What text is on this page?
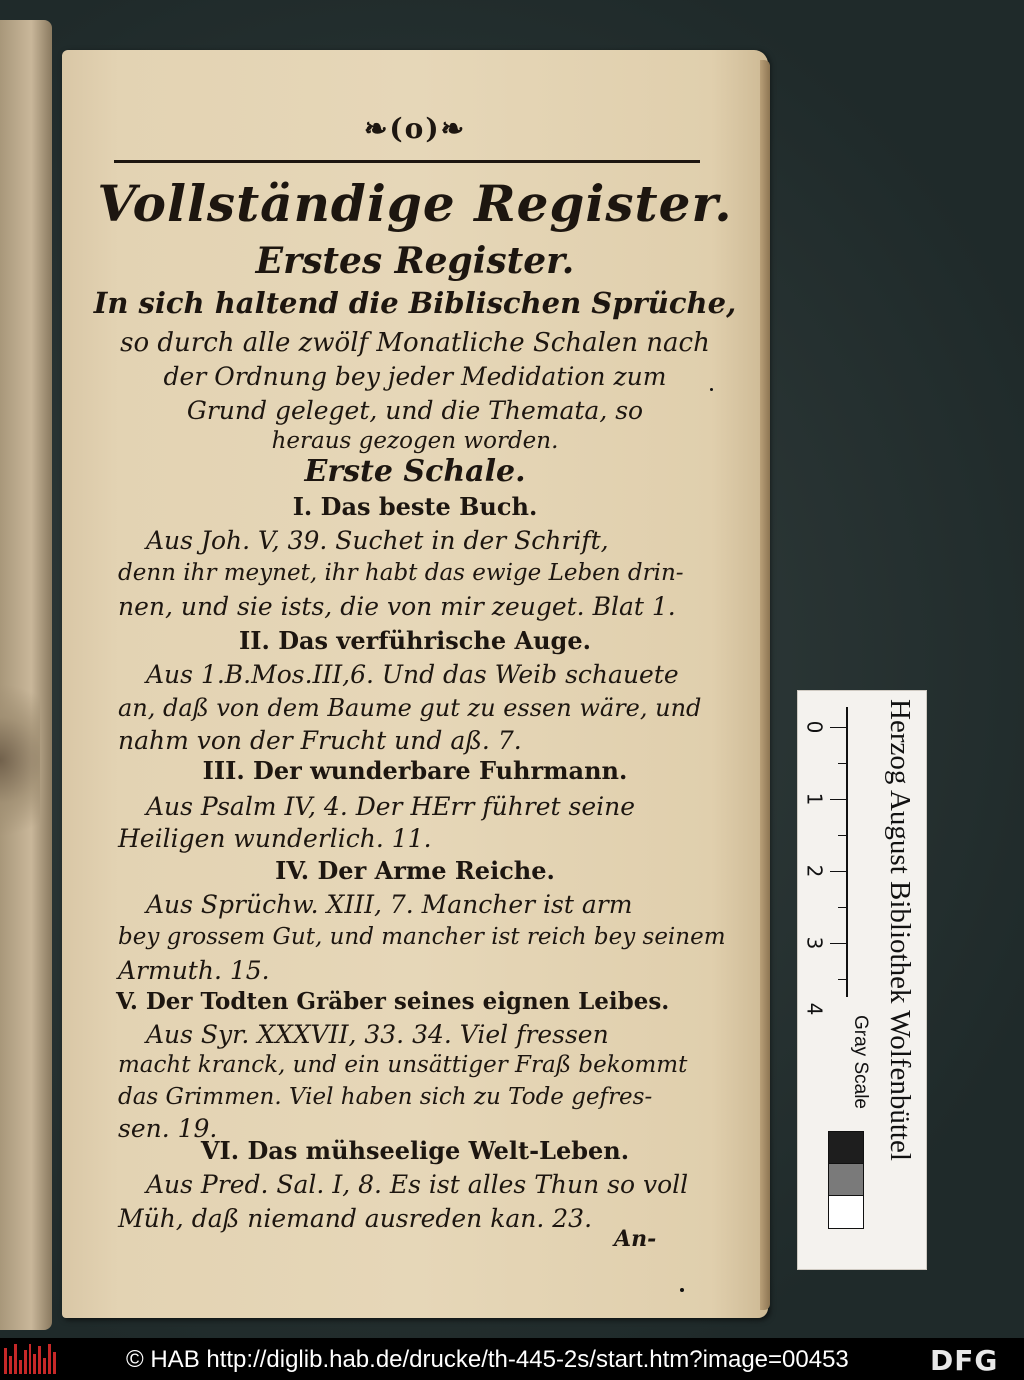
❧(o)❧
Vollständige Register.
Erstes Register.
In sich haltend die Biblischen Sprüche,
so durch alle zwölf Monatliche Schalen nach
der Ordnung bey jeder Medidation zum
Grund geleget, und die Themata, so
heraus gezogen worden.
Erste Schale.
I. Das beste Buch.
Aus Joh. V, 39. Suchet in der Schrift,
denn ihr meynet, ihr habt das ewige Leben drin-
nen, und sie ists, die von mir zeuget. Blat 1.
II. Das verführische Auge.
Aus 1.B.Mos.III,6. Und das Weib schauete
an, daß von dem Baume gut zu essen wäre, und
nahm von der Frucht und aß. 7.
III. Der wunderbare Fuhrmann.
Aus Psalm IV, 4. Der HErr führet seine
Heiligen wunderlich. 11.
IV. Der Arme Reiche.
Aus Sprüchw. XIII, 7. Mancher ist arm
bey grossem Gut, und mancher ist reich bey seinem
Armuth. 15.
V. Der Todten Gräber seines eignen Leibes.
Aus Syr. XXXVII, 33. 34. Viel fressen
macht kranck, und ein unsättiger Fraß bekommt
das Grimmen. Viel haben sich zu Tode gefres-
sen. 19.
VI. Das mühseelige Welt-Leben.
Aus Pred. Sal. I, 8. Es ist alles Thun so voll
Müh, daß niemand ausreden kan. 23.
An-
0
1
2
3
4 Herzog August Bibliothek Wolfenbüttel
Gray Scale
© HAB http://diglib.hab.de/drucke/th-445-2s/start.htm?image=00453	DFG
